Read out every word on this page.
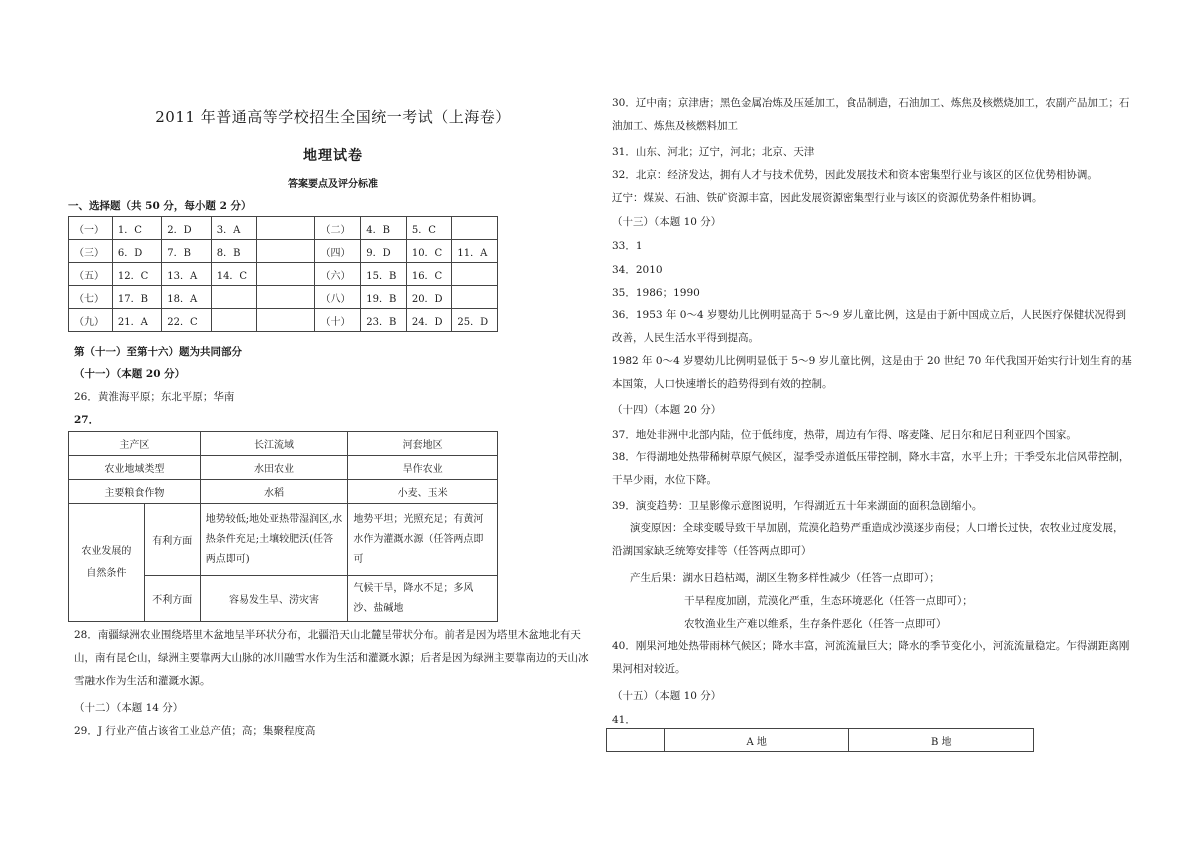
2011 年普通高等学校招生全国统一考试（上海卷）
地理试卷
答案要点及评分标准
一、选择题（共 50 分，每小题 2 分）
（一）	1．C	2．D	3．A		（二）	4．B	5．C	
（三）	6．D	7．B	8．B		（四）	9．D	10．C	11．A
（五）	12．C	13．A	14．C		（六）	15．B	16．C	
（七）	17．B	18．A			（八）	19．B	20．D	
（九）	21．A	22．C			（十）	23．B	24．D	25．D
第（十一）至第十六）题为共同部分
（十一）（本题 20 分）
26．黄淮海平原；东北平原；华南
27．
主产区		长江流域	河套地区
农业地域类型		水田农业	旱作农业
主要粮食作物		水稻	小麦、玉米
农业发展的自然条件	有利方面	地势较低;地处亚热带湿润区,水热条件充足;土壤较肥沃(任答两点即可)	地势平坦；光照充足；有黄河水作为灌溉水源（任答两点即可
	不利方面	容易发生旱、涝灾害	气候干旱，降水不足；多风沙、盐碱地
28．南疆绿洲农业围绕塔里木盆地呈半环状分布，北疆沿天山北麓呈带状分布。前者是因为塔里木盆地北有天山，南有昆仑山，绿洲主要靠两大山脉的冰川融雪水作为生活和灌溉水源；后者是因为绿洲主要靠南边的天山冰雪融水作为生活和灌溉水源。
（十二）（本题 14 分）
29．J 行业产值占该省工业总产值；高；集聚程度高
30．辽中南；京津唐；黑色金属冶炼及压延加工，食品制造，石油加工、炼焦及核燃烧加工，农副产品加工；石油加工、炼焦及核燃料加工
31．山东、河北；辽宁，河北；北京、天津
32．北京：经济发达，拥有人才与技术优势，因此发展技术和资本密集型行业与该区的区位优势相协调。
辽宁：煤炭、石油、铁矿资源丰富，因此发展资源密集型行业与该区的资源优势条件相协调。
（十三）（本题 10 分）
33．1
34．2010
35．1986；1990
36．1953 年 0～4 岁婴幼儿比例明显高于 5～9 岁儿童比例，这是由于新中国成立后，人民医疗保健状况得到改善，人民生活水平得到提高。
1982 年 0～4 岁婴幼儿比例明显低于 5～9 岁儿童比例，这是由于 20 世纪 70 年代我国开始实行计划生育的基本国策，人口快速增长的趋势得到有效的控制。
（十四）（本题 20 分）
37．地处非洲中北部内陆，位于低纬度，热带，周边有乍得、喀麦隆、尼日尔和尼日利亚四个国家。
38．乍得湖地处热带稀树草原气候区，湿季受赤道低压带控制，降水丰富，水平上升；干季受东北信风带控制，干旱少雨，水位下降。
39．演变趋势：卫星影像示意图说明，乍得湖近五十年来湖面的面积急剧缩小。
演变原因：全球变暖导致干旱加剧，荒漠化趋势严重造成沙漠逐步南侵；人口增长过快，农牧业过度发展，沿湖国家缺乏统筹安排等（任答两点即可）
产生后果：湖水日趋枯竭，湖区生物多样性减少（任答一点即可）；
干旱程度加剧，荒漠化严重，生态环境恶化（任答一点即可）；
农牧渔业生产难以维系，生存条件恶化（任答一点即可）
40．刚果河地处热带雨林气候区；降水丰富，河流流量巨大；降水的季节变化小，河流流量稳定。乍得湖距离刚果河相对较近。
（十五）（本题 10 分）
41．
	A 地	B 地
